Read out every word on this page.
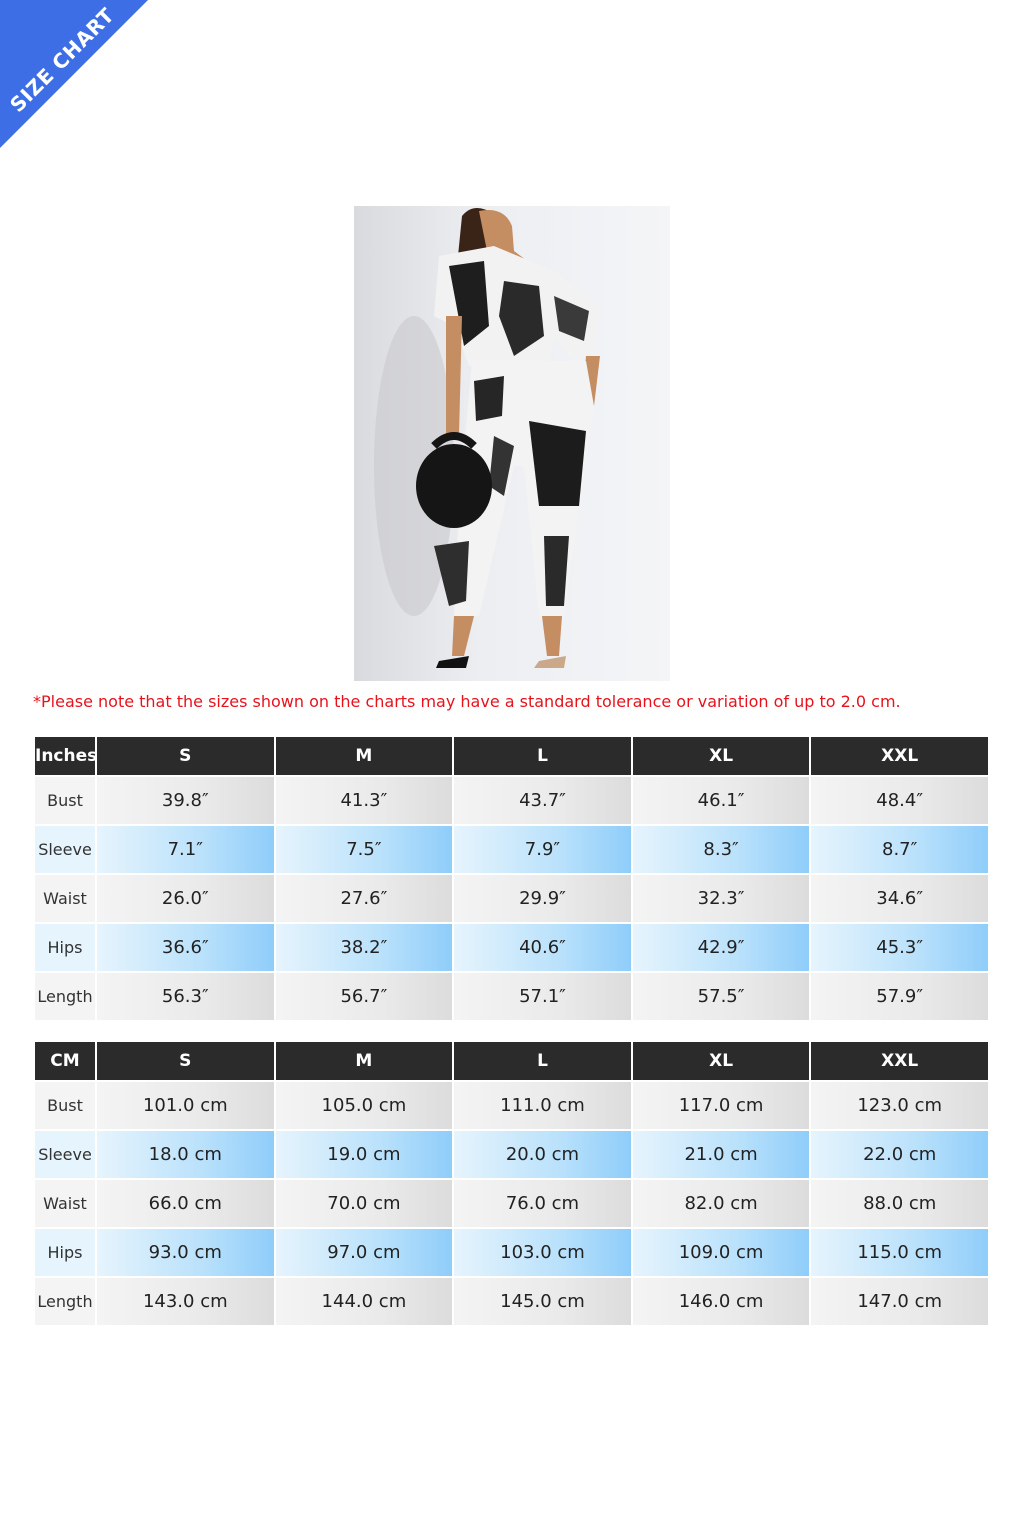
SIZE CHART
*Please note that the sizes shown on the charts may have a standard tolerance or variation of up to 2.0 cm.
Inches	S	M	L	XL	XXL
Bust	39.8″	41.3″	43.7″	46.1″	48.4″
Sleeve	7.1″	7.5″	7.9″	8.3″	8.7″
Waist	26.0″	27.6″	29.9″	32.3″	34.6″
Hips	36.6″	38.2″	40.6″	42.9″	45.3″
Length	56.3″	56.7″	57.1″	57.5″	57.9″
CM	S	M	L	XL	XXL
Bust	101.0 cm	105.0 cm	111.0 cm	117.0 cm	123.0 cm
Sleeve	18.0 cm	19.0 cm	20.0 cm	21.0 cm	22.0 cm
Waist	66.0 cm	70.0 cm	76.0 cm	82.0 cm	88.0 cm
Hips	93.0 cm	97.0 cm	103.0 cm	109.0 cm	115.0 cm
Length	143.0 cm	144.0 cm	145.0 cm	146.0 cm	147.0 cm
